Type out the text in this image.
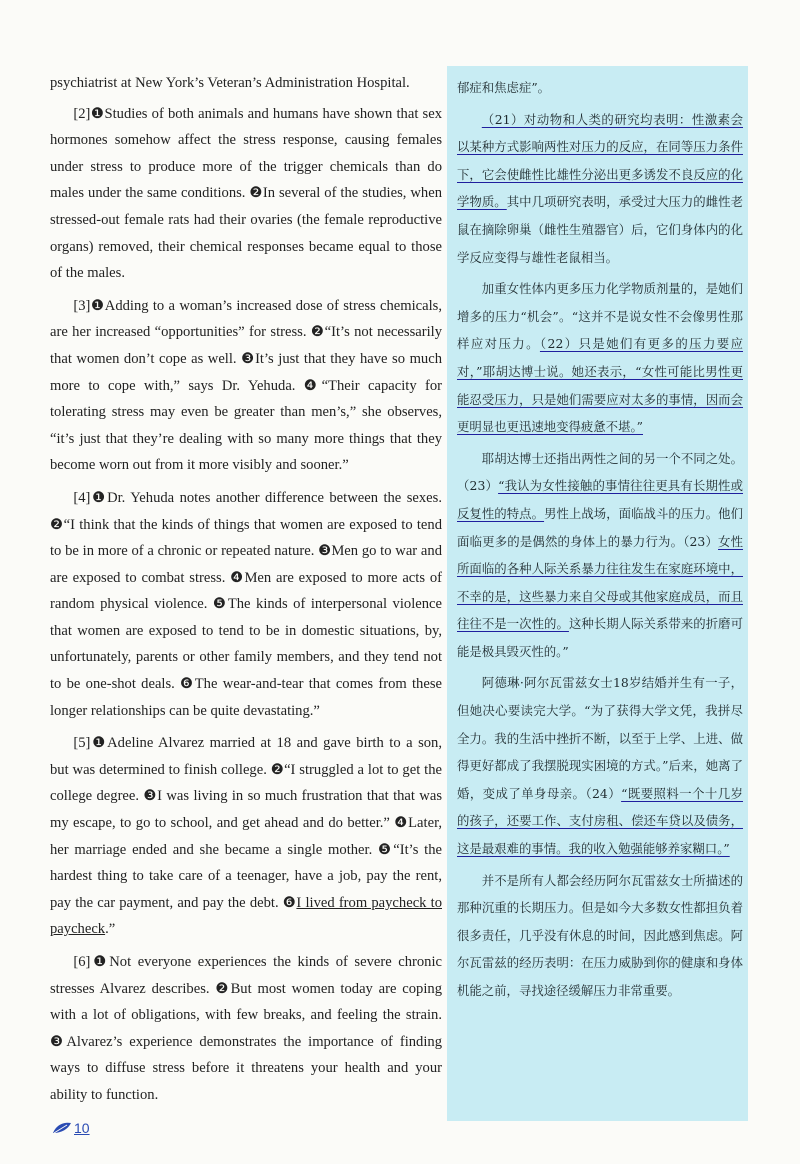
psychiatrist at New York’s Veteran’s Administration Hospital.

[2]❶Studies of both animals and humans have shown that sex hormones somehow affect the stress response, causing females under stress to produce more of the trigger chemicals than do males under the same conditions. ❷In several of the studies, when stressed-out female rats had their ovaries (the female reproductive organs) removed, their chemical responses became equal to those of the males.

[3]❶Adding to a woman’s increased dose of stress chemicals, are her increased “opportunities” for stress. ❷“It’s not necessarily that women don’t cope as well. ❸It’s just that they have so much more to cope with,” says Dr. Yehuda. ❹“Their capacity for tolerating stress may even be greater than men’s,” she observes, “it’s just that they’re dealing with so many more things that they become worn out from it more visibly and sooner.”

[4]❶Dr. Yehuda notes another difference between the sexes. ❷“I think that the kinds of things that women are exposed to tend to be in more of a chronic or repeated nature. ❸Men go to war and are exposed to combat stress. ❹Men are exposed to more acts of random physical violence. ❺The kinds of interpersonal violence that women are exposed to tend to be in domestic situations, by, unfortunately, parents or other family members, and they tend not to be one-shot deals. ❻The wear-and-tear that comes from these longer relationships can be quite devastating.”

[5]❶Adeline Alvarez married at 18 and gave birth to a son, but was determined to finish college. ❷“I struggled a lot to get the college degree. ❸I was living in so much frustration that that was my escape, to go to school, and get ahead and do better.” ❹Later, her marriage ended and she became a single mother. ❺“It’s the hardest thing to take care of a teenager, have a job, pay the rent, pay the car payment, and pay the debt. ❻I lived from paycheck to paycheck.”

[6]❶Not everyone experiences the kinds of severe chronic stresses Alvarez describes. ❷But most women today are coping with a lot of obligations, with few breaks, and feeling the strain. ❸Alvarez’s experience demonstrates the importance of finding ways to diffuse stress before it threatens your health and your ability to function.

郁症和焦虑症”。

（21）对动物和人类的研究均表明：性激素会以某种方式影响两性对压力的反应，在同等压力条件下，它会使雌性比雄性分泌出更多诱发不良反应的化学物质。其中几项研究表明，承受过大压力的雌性老鼠在摘除卵巢（雌性生殖器官）后，它们身体内的化学反应变得与雄性老鼠相当。

加重女性体内更多压力化学物质剂量的，是她们增多的压力“机会”。“这并不是说女性不会像男性那样应对压力。（22）只是她们有更多的压力要应对，”耶胡达博士说。她还表示，“女性可能比男性更能忍受压力，只是她们需要应对太多的事情，因而会更明显也更迅速地变得疲惫不堪。”

耶胡达博士还指出两性之间的另一个不同之处。（23）“我认为女性接触的事情往往更具有长期性或反复性的特点。男性上战场，面临战斗的压力。他们面临更多的是偶然的身体上的暴力行为。（23）女性所面临的各种人际关系暴力往往发生在家庭环境中，不幸的是，这些暴力来自父母或其他家庭成员，而且往往不是一次性的。这种长期人际关系带来的折磨可能是极具毁灭性的。”

阿德琳·阿尔瓦雷兹女士18岁结婚并生有一子，但她决心要读完大学。“为了获得大学文凭，我拼尽全力。我的生活中挫折不断，以至于上学、上进、做得更好都成了我摆脱现实困境的方式。”后来，她离了婚，变成了单身母亲。（24）“既要照料一个十几岁的孩子，还要工作、支付房租、偿还车贷以及债务，这是最艰难的事情。我的收入勉强能够养家糊口。”

并不是所有人都会经历阿尔瓦雷兹女士所描述的那种沉重的长期压力。但是如今大多数女性都担负着很多责任，几乎没有休息的时间，因此感到焦虑。阿尔瓦雷兹的经历表明：在压力威胁到你的健康和身体机能之前，寻找途径缓解压力非常重要。

10
